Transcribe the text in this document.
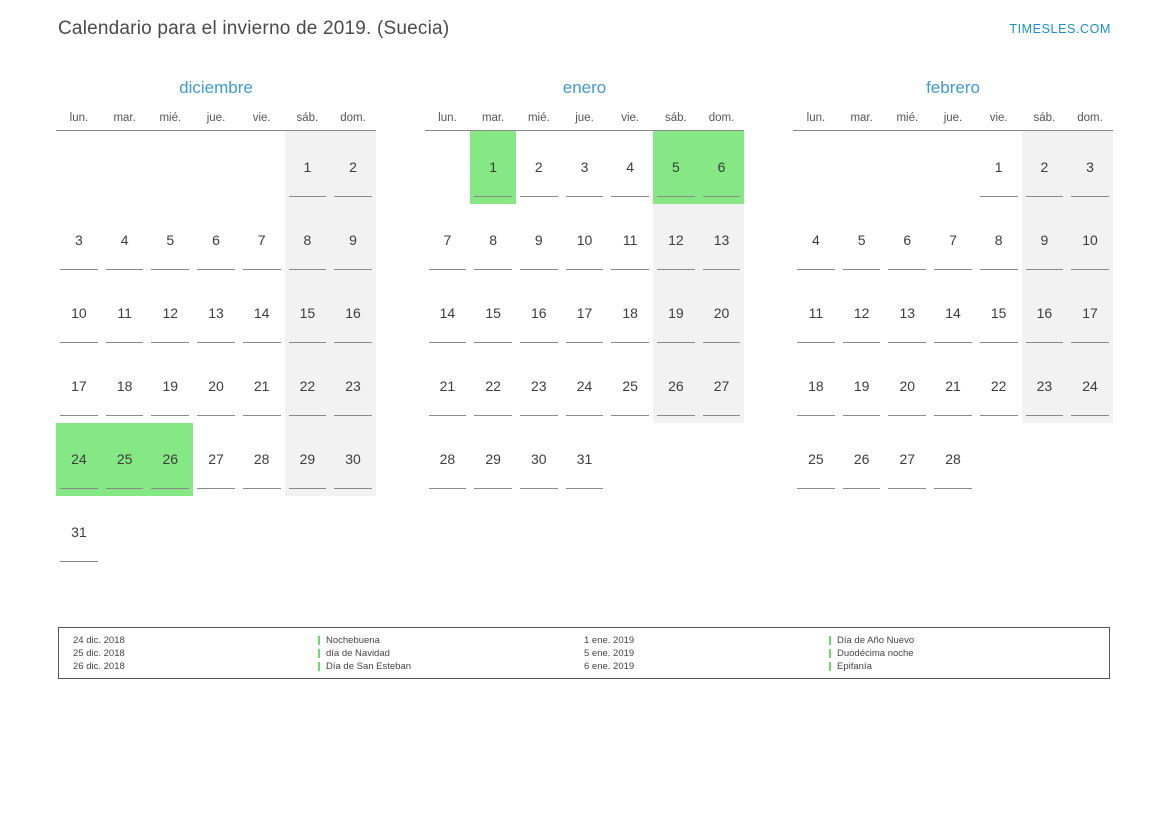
Calendario para el invierno de 2019. (Suecia)	TIMESLES.COM
diciembre
lun.	mar.	mié.	jue.	vie.	sáb.	dom.

					1	2

3	4	5	6	7	8	9

10	11	12	13	14	15	16

17	18	19	20	21	22	23

24	25	26	27	28	29	30

31						

enero
lun.	mar.	mié.	jue.	vie.	sáb.	dom.

	1	2	3	4	5	6

7	8	9	10	11	12	13

14	15	16	17	18	19	20

21	22	23	24	25	26	27

28	29	30	31			

febrero
lun.	mar.	mié.	jue.	vie.	sáb.	dom.

				1	2	3

4	5	6	7	8	9	10

11	12	13	14	15	16	17

18	19	20	21	22	23	24

25	26	27	28			

24 dic. 2018	Nochebuena
25 dic. 2018	día de Navidad
26 dic. 2018	Día de San Esteban
1 ene. 2019	Día de Año Nuevo
5 ene. 2019	Duodécima noche
6 ene. 2019	Epifanía
